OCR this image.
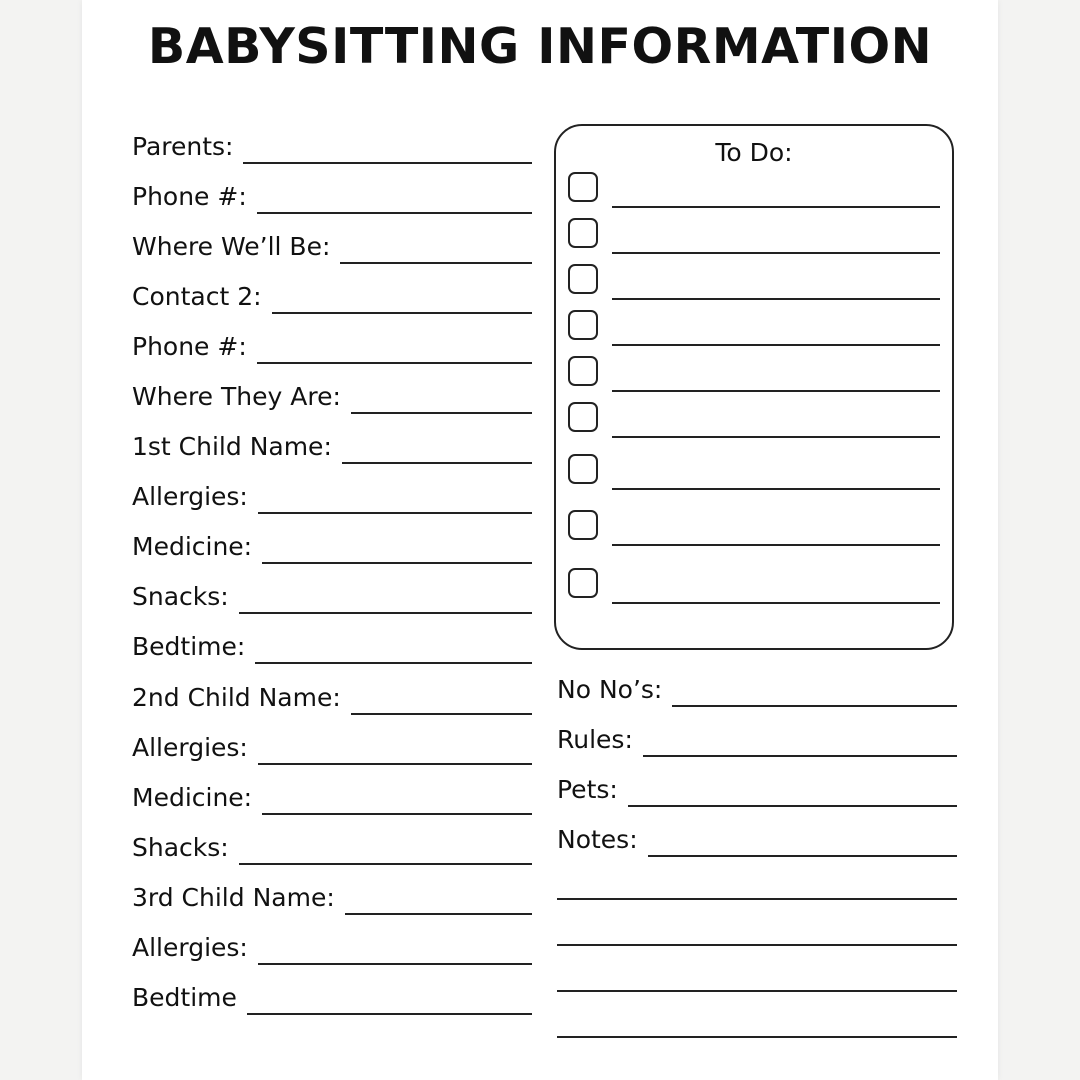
BABYSITTING INFORMATION
Parents:
Phone #:
Where We’ll Be:
Contact 2:
Phone #:
Where They Are:
1st Child Name:
Allergies:
Medicine:
Snacks:
Bedtime:
2nd Child Name:
Allergies:
Medicine:
Shacks:
3rd Child Name:
Allergies:
Bedtime
To Do:
No No’s:
Rules:
Pets:
Notes:
